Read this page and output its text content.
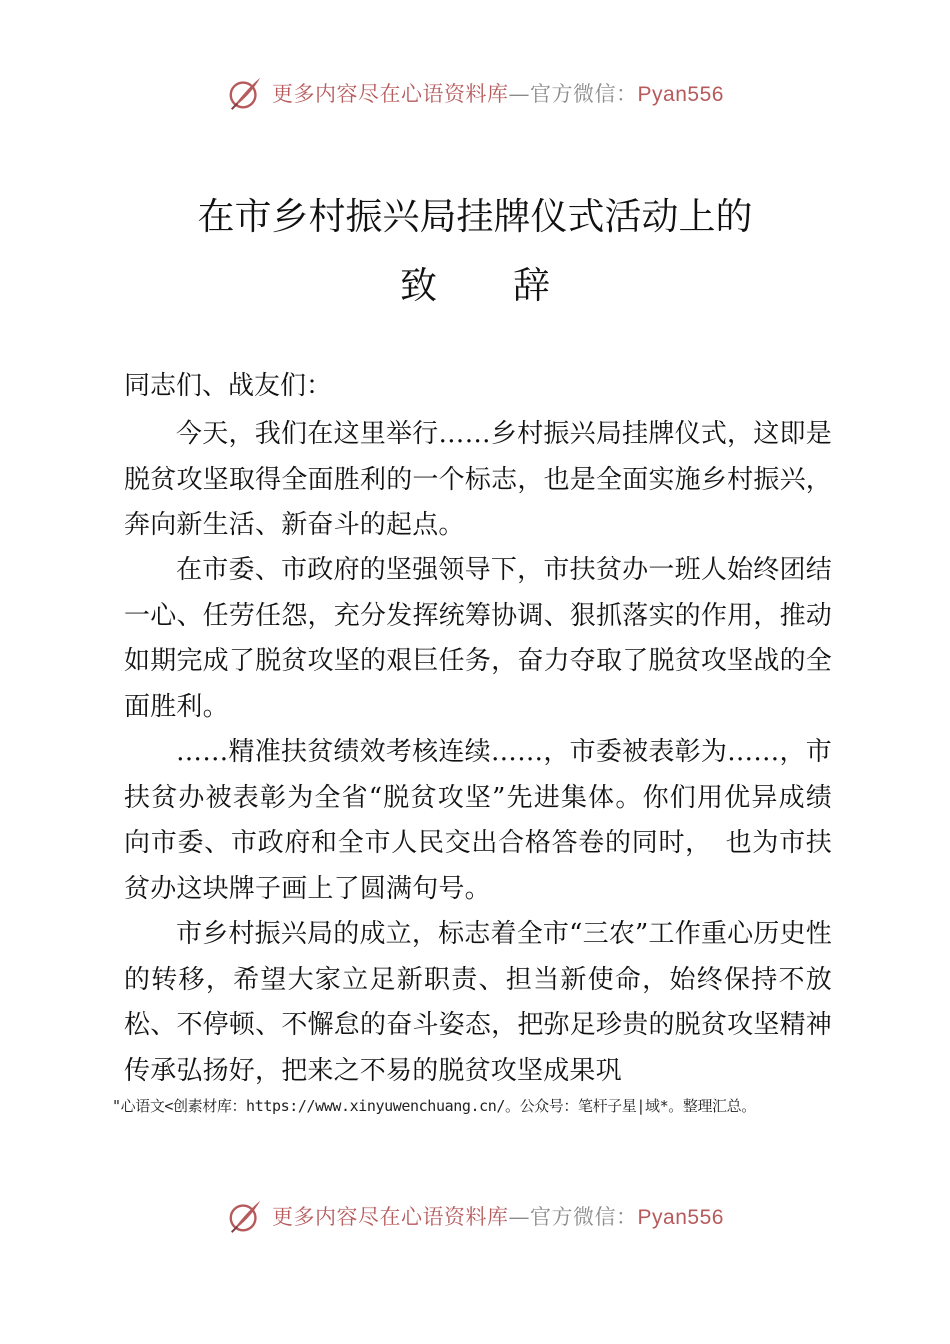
更多内容尽在心语资料库—官方微信：Pyan556
在市乡村振兴局挂牌仪式活动上的
致辞
同志们、战友们：

今天，我们在这里举行……乡村振兴局挂牌仪式，这即是脱贫攻坚取得全面胜利的一个标志，也是全面实施乡村振兴，奔向新生活、新奋斗的起点。

在市委、市政府的坚强领导下，市扶贫办一班人始终团结一心、任劳任怨，充分发挥统筹协调、狠抓落实的作用，推动如期完成了脱贫攻坚的艰巨任务，奋力夺取了脱贫攻坚战的全面胜利。

……精准扶贫绩效考核连续……，市委被表彰为……，市扶贫办被表彰为全省“脱贫攻坚”先进集体。你们用优异成绩向市委、市政府和全市人民交出合格答卷的同时，　也为市扶贫办这块牌子画上了圆满句号。

市乡村振兴局的成立，标志着全市“三农”工作重心历史性的转移，希望大家立足新职责、担当新使命，始终保持不放松、不停顿、不懈怠的奋斗姿态，把弥足珍贵的脱贫攻坚精神传承弘扬好，把来之不易的脱贫攻坚成果巩

"心语文<创素材库：https://www.xinyuwenchuang.cn/。公众号：笔杆子星|域*。整理汇总。
更多内容尽在心语资料库—官方微信：Pyan556
